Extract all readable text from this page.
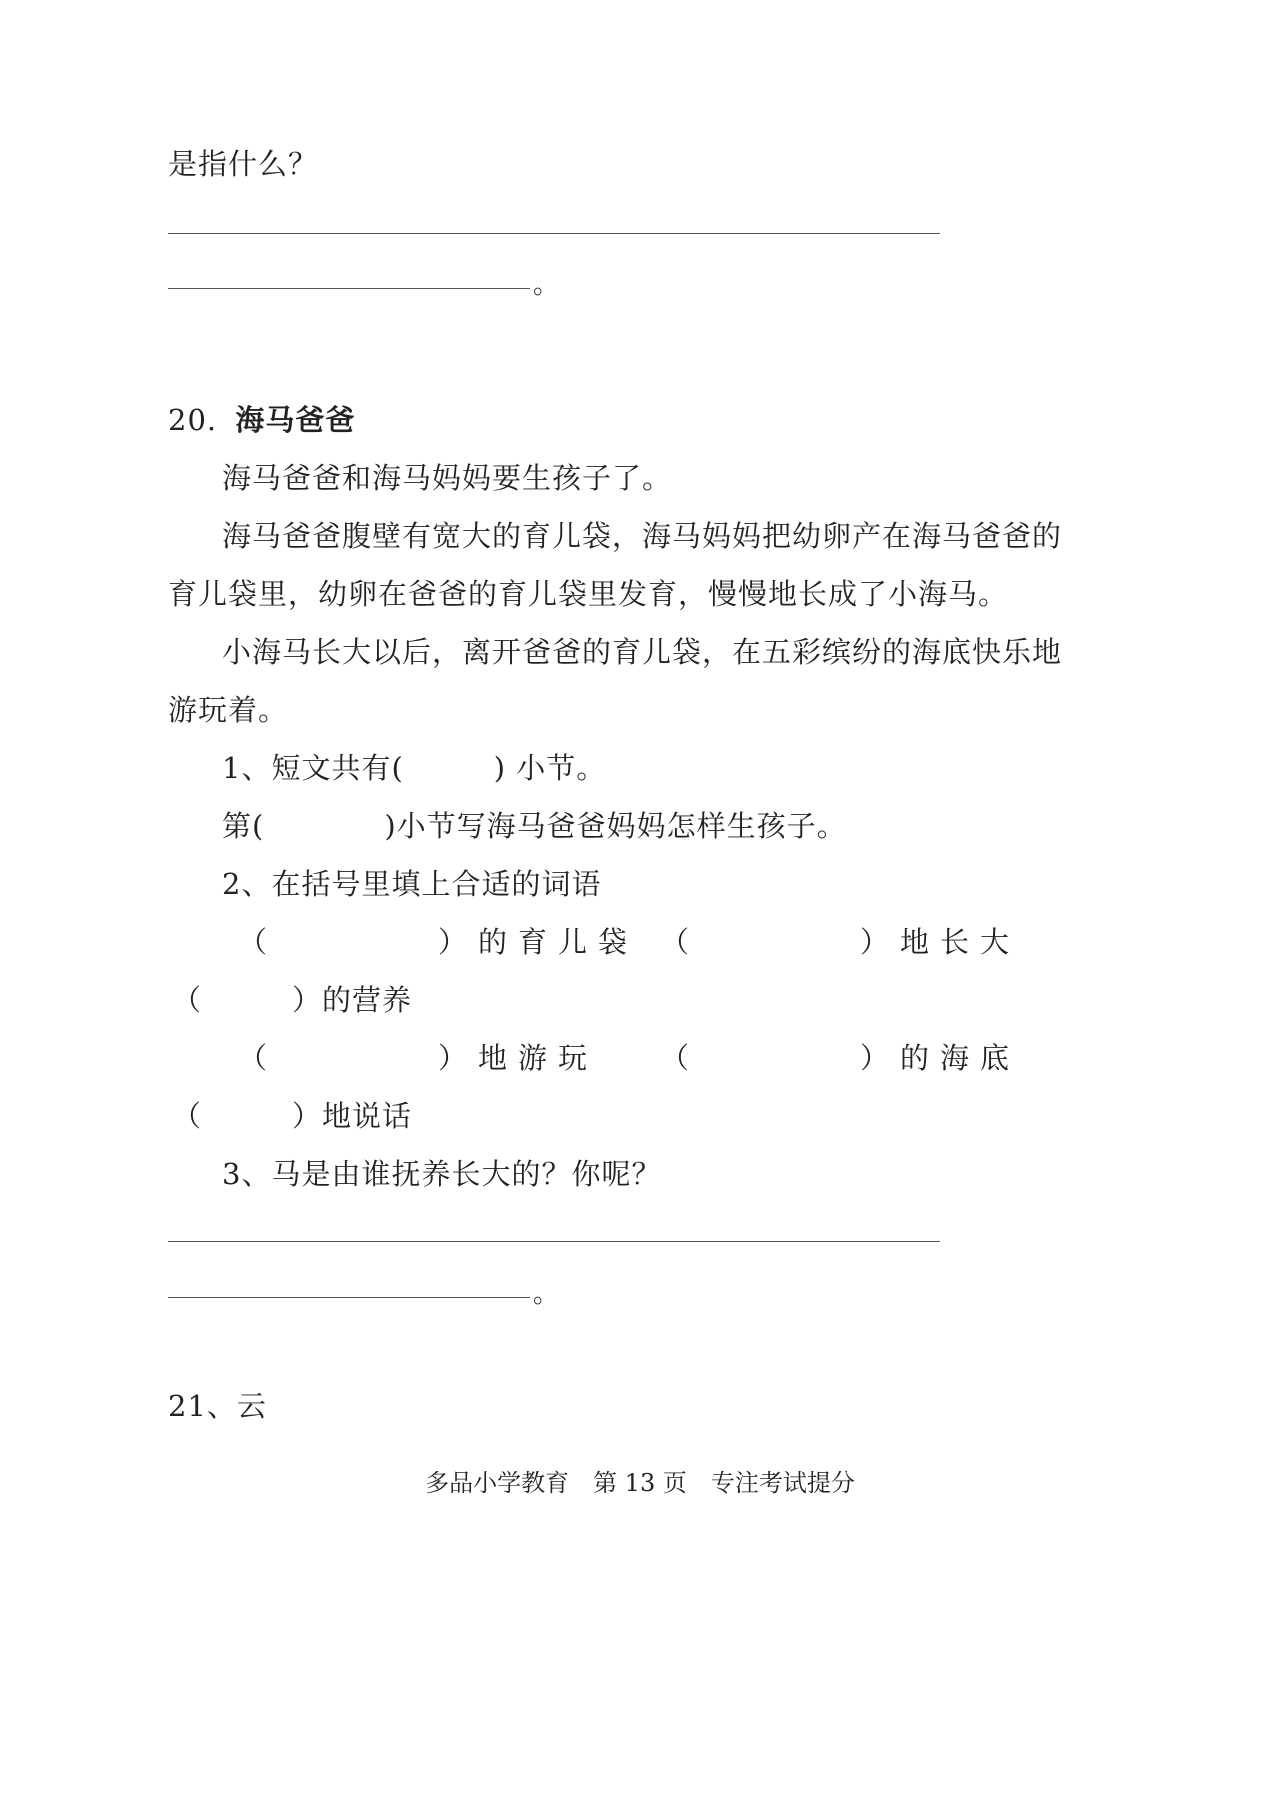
是指什么？
。
20. 海马爸爸
海马爸爸和海马妈妈要生孩子了。
海马爸爸腹壁有宽大的育儿袋，海马妈妈把幼卵产在海马爸爸的
育儿袋里，幼卵在爸爸的育儿袋里发育，慢慢地长成了小海马。
小海马长大以后，离开爸爸的育儿袋，在五彩缤纷的海底快乐地
游玩着。
1、短文共有(　　　) 小节。
第(　　　　)小节写海马爸爸妈妈怎样生孩子。
2、在括号里填上合适的词语
（　　　　）的育儿袋 （　　　　）地长大
（　　　）的营养
（　　　　）地游玩 （　　　　）的海底
（　　　）地说话
3、马是由谁抚养长大的？你呢？
。
21、云
多品小学教育　第 13 页　专注考试提分
